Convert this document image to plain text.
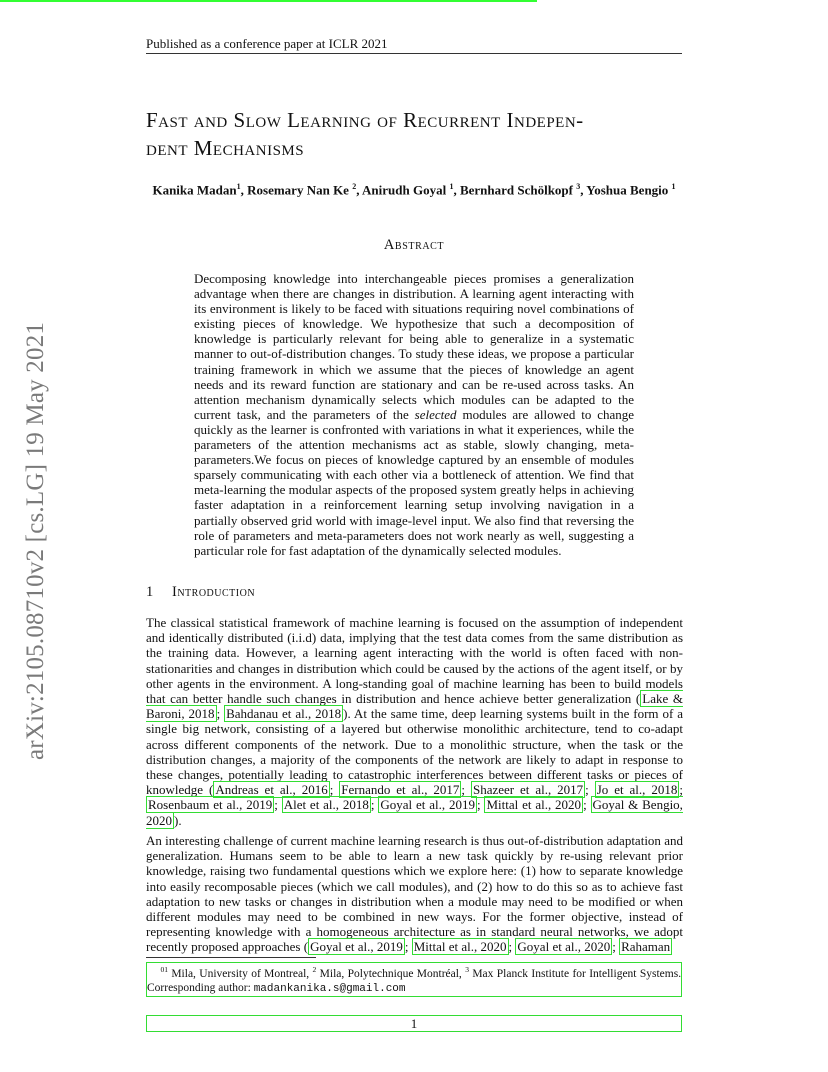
Published as a conference paper at ICLR 2021
arXiv:2105.08710v2 [cs.LG] 19 May 2021
Fast and Slow Learning of Recurrent Indepen-
dent Mechanisms
Kanika Madan$^1$, Rosemary Nan Ke $^2$, Anirudh Goyal $^1$, Bernhard Schölkopf $^3$, Yoshua Bengio $^1$
Abstract
Decomposing knowledge into interchangeable pieces promises a generalization advantage when there are changes in distribution. A learning agent interacting with its environment is likely to be faced with situations requiring novel combinations of existing pieces of knowledge. We hypothesize that such a decomposition of knowledge is particularly relevant for being able to generalize in a systematic manner to out-of-distribution changes. To study these ideas, we propose a particular training framework in which we assume that the pieces of knowledge an agent needs and its reward function are stationary and can be re-used across tasks. An attention mechanism dynamically selects which modules can be adapted to the current task, and the parameters of the selected modules are allowed to change quickly as the learner is confronted with variations in what it experiences, while the parameters of the attention mechanisms act as stable, slowly changing, meta-parameters.We focus on pieces of knowledge captured by an ensemble of modules sparsely communicating with each other via a bottleneck of attention. We find that meta-learning the modular aspects of the proposed system greatly helps in achieving faster adaptation in a reinforcement learning setup involving navigation in a partially observed grid world with image-level input. We also find that reversing the role of parameters and meta-parameters does not work nearly as well, suggesting a particular role for fast adaptation of the dynamically selected modules.
1 Introduction
The classical statistical framework of machine learning is focused on the assumption of independent and identically distributed (i.i.d) data, implying that the test data comes from the same distribution as the training data. However, a learning agent interacting with the world is often faced with non-stationarities and changes in distribution which could be caused by the actions of the agent itself, or by other agents in the environment. A long-standing goal of machine learning has been to build models that can better handle such changes in distribution and hence achieve better generalization ( Lake & Baroni, 2018 ; Bahdanau et al., 2018 ). At the same time, deep learning systems built in the form of a single big network, consisting of a layered but otherwise monolithic architecture, tend to co-adapt across different components of the network. Due to a monolithic structure, when the task or the distribution changes, a majority of the components of the network are likely to adapt in response to these changes, potentially leading to catastrophic interferences between different tasks or pieces of knowledge ( Andreas et al., 2016 ; Fernando et al., 2017 ; Shazeer et al., 2017 ; Jo et al., 2018 ; Rosenbaum et al., 2019 ; Alet et al., 2018 ; Goyal et al., 2019 ; Mittal et al., 2020 ; Goyal & Bengio, 2020 ).
An interesting challenge of current machine learning research is thus out-of-distribution adaptation and generalization. Humans seem to be able to learn a new task quickly by re-using relevant prior knowledge, raising two fundamental questions which we explore here: (1) how to separate knowledge into easily recomposable pieces (which we call modules), and (2) how to do this so as to achieve fast adaptation to new tasks or changes in distribution when a module may need to be modified or when different modules may need to be combined in new ways. For the former objective, instead of representing knowledge with a homogeneous architecture as in standard neural networks, we adopt recently proposed approaches ( Goyal et al., 2019 ; Mittal et al., 2020 ; Goyal et al., 2020 ; Rahaman
$^{01}$ Mila, University of Montreal, $^2$ Mila, Polytechnique Montréal, $^3$ Max Planck Institute for Intelligent Systems. Corresponding author: madankanika.s@gmail.com
1
